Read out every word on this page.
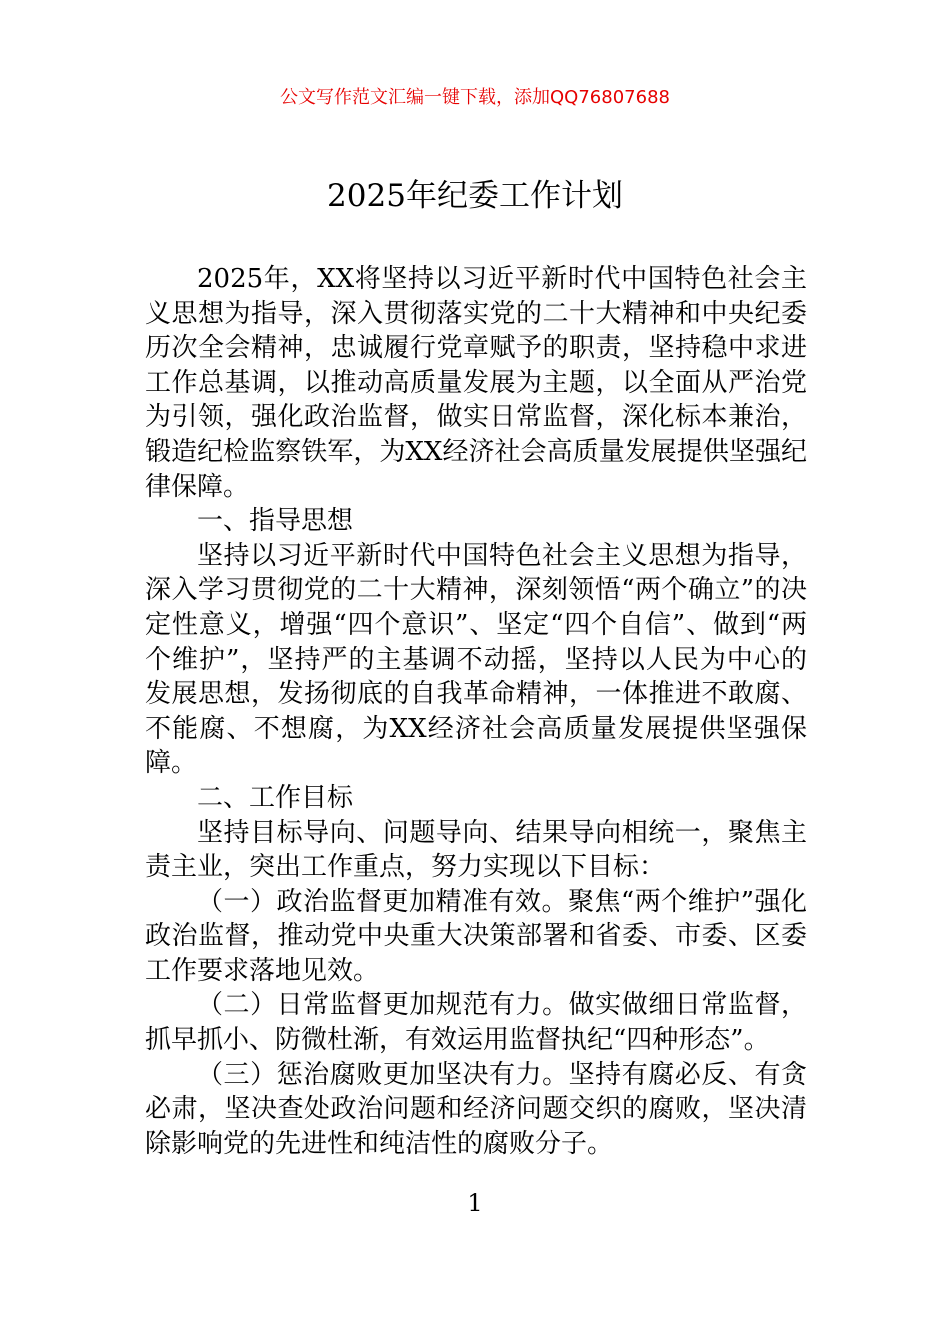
公文写作范文汇编一键下载，添加QQ76807688
2025年纪委工作计划

2025年，XX将坚持以习近平新时代中国特色社会主义思想为指导，深入贯彻落实党的二十大精神和中央纪委历次全会精神，忠诚履行党章赋予的职责，坚持稳中求进工作总基调，以推动高质量发展为主题，以全面从严治党为引领，强化政治监督，做实日常监督，深化标本兼治，锻造纪检监察铁军，为XX经济社会高质量发展提供坚强纪律保障。

一、指导思想

坚持以习近平新时代中国特色社会主义思想为指导，深入学习贯彻党的二十大精神，深刻领悟“两个确立”的决定性意义，增强“四个意识”、坚定“四个自信”、做到“两个维护”，坚持严的主基调不动摇，坚持以人民为中心的发展思想，发扬彻底的自我革命精神，一体推进不敢腐、不能腐、不想腐，为XX经济社会高质量发展提供坚强保障。

二、工作目标

坚持目标导向、问题导向、结果导向相统一，聚焦主责主业，突出工作重点，努力实现以下目标：

（一）政治监督更加精准有效。聚焦“两个维护”强化政治监督，推动党中央重大决策部署和省委、市委、区委工作要求落地见效。

（二）日常监督更加规范有力。做实做细日常监督，抓早抓小、防微杜渐，有效运用监督执纪“四种形态”。

（三）惩治腐败更加坚决有力。坚持有腐必反、有贪必肃，坚决查处政治问题和经济问题交织的腐败，坚决清除影响党的先进性和纯洁性的腐败分子。

1
